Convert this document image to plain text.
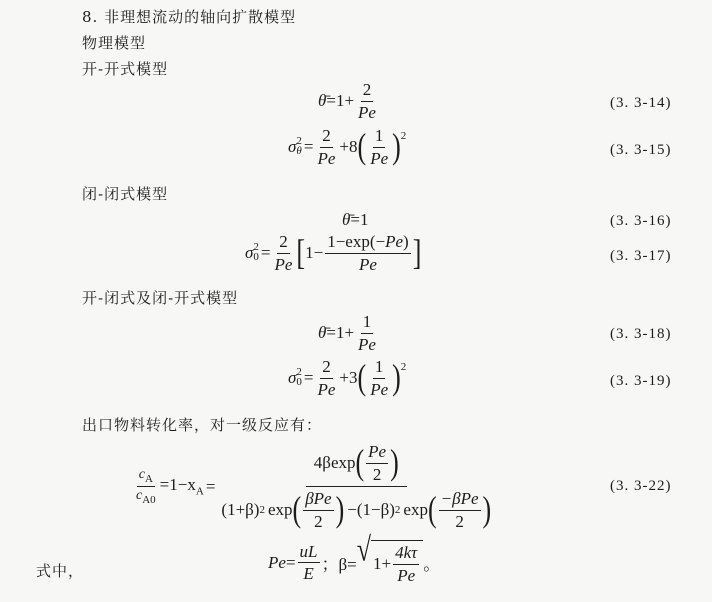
8. 非理想流动的轴向扩散模型
物理模型
开-开式模型
θ̄ $=1+ \frac{2}{Pe}$	(3. 3-14)
σ 2
$\theta = \frac{2}{Pe} +8$ ( $\frac{1}{Pe} )^2$
(3. 3-15)
闭-闭式模型
θ̄ =1	(3. 3-16)
σ 2
$0 = \frac{2}{Pe}$ [ $1- \frac{1-\exp(-Pe)}{Pe}$ ]	(3. 3-17)
开-闭式及闭-开式模型
θ̄ $=1+ \frac{1}{Pe}$	(3. 3-18)
σ 2
$0 = \frac{2}{Pe} +3$ ( $\frac{1}{Pe} )^2$
(3. 3-19)
出口物料转化率，对一级反应有：
$\frac{c_A}{c_{A0}} =1-x_A$ =
4βexp ( $\frac{Pe}{2}$ )
(1+β) 2 exp ( $\frac{\text{βPe}}{2}$ ) −(1−β) 2 exp ( $\frac{\text{−βPe}}{2}$ )
(3. 3-22)
式中，	$Pe = \frac{uL}{E}$ ；β= √ $1+ \frac{4k\tau}{Pe}$ 。
